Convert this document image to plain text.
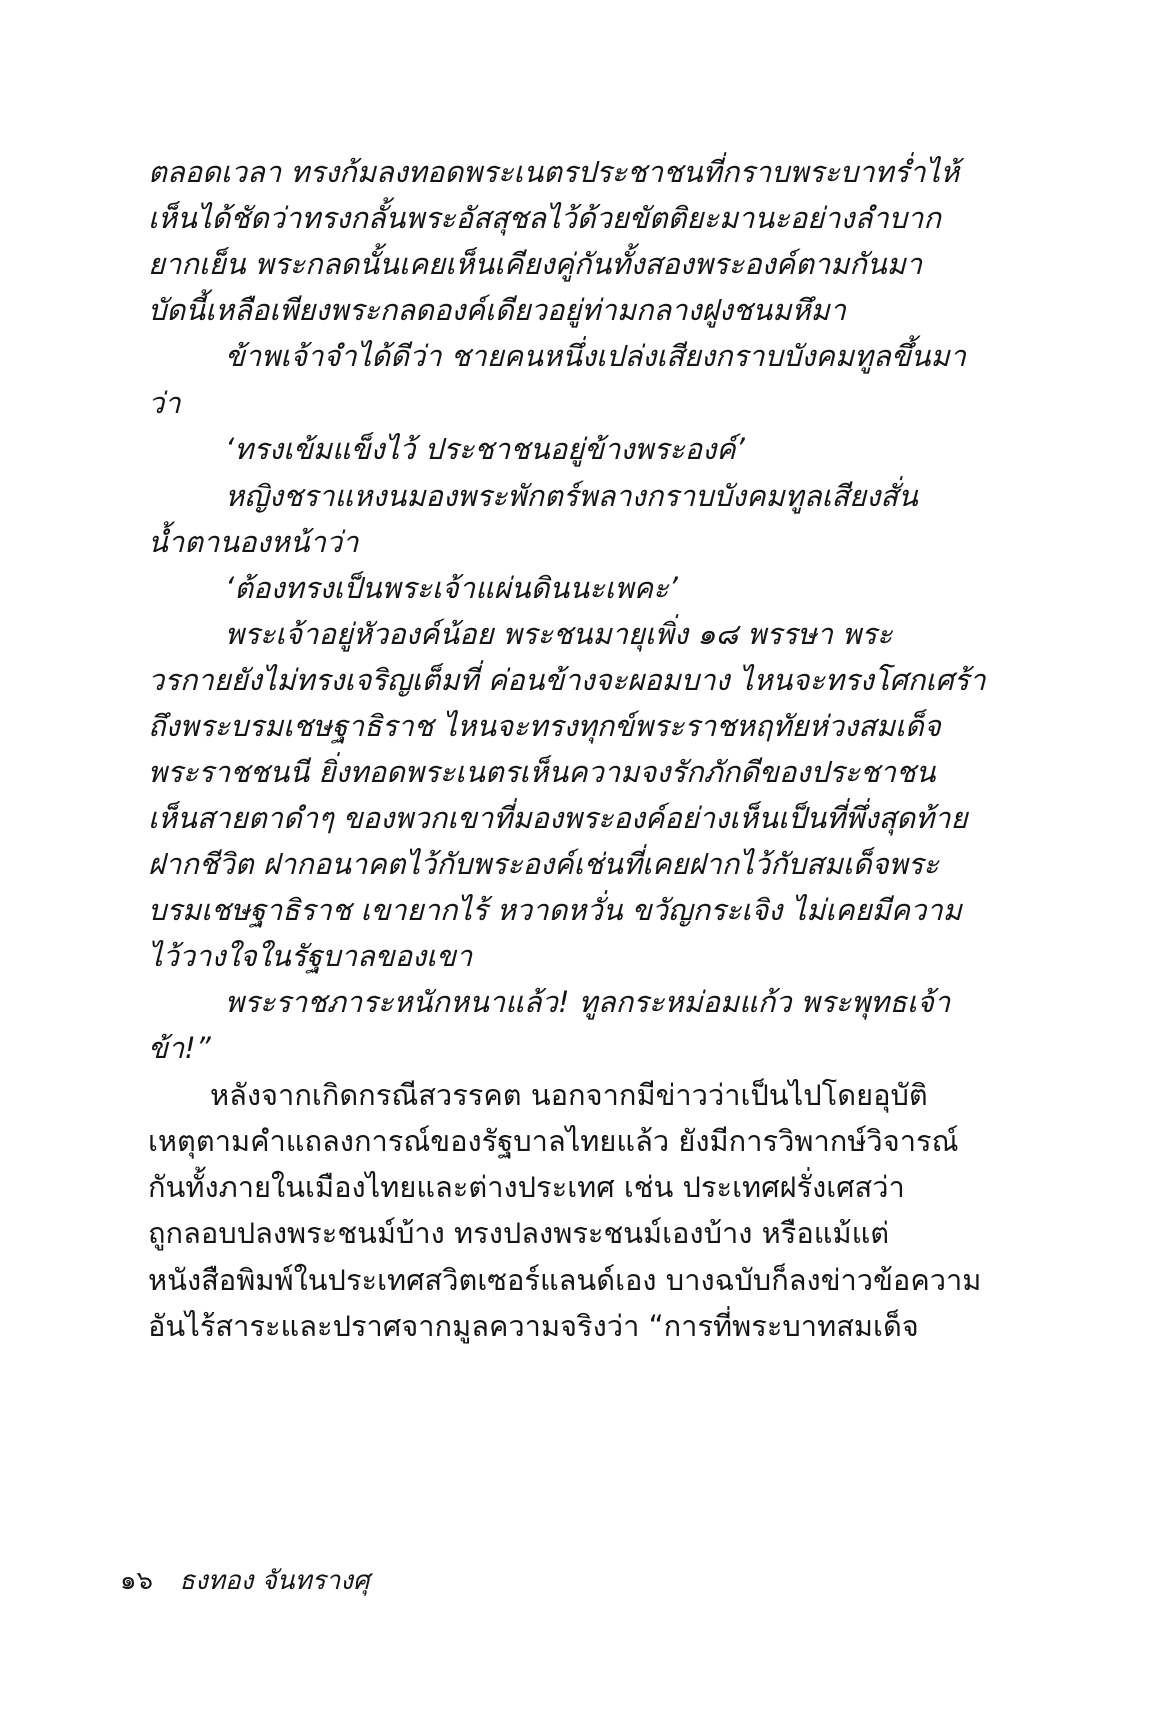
ตลอดเวลา ทรงก้มลงทอดพระเนตรประชาชนที่กราบพระบาทร่ำไห้
เห็นได้ชัดว่าทรงกลั้นพระอัสสุชลไว้ด้วยขัตติยะมานะอย่างลำบาก
ยากเย็น พระกลดนั้นเคยเห็นเคียงคู่กันทั้งสองพระองค์ตามกันมา
บัดนี้เหลือเพียงพระกลดองค์เดียวอยู่ท่ามกลางฝูงชนมหึมา
ข้าพเจ้าจำได้ดีว่า ชายคนหนึ่งเปล่งเสียงกราบบังคมทูลขึ้นมา
ว่า
‘ทรงเข้มแข็งไว้ ประชาชนอยู่ข้างพระองค์’
หญิงชราแหงนมองพระพักตร์พลางกราบบังคมทูลเสียงสั่น
น้ำตานองหน้าว่า
‘ต้องทรงเป็นพระเจ้าแผ่นดินนะเพคะ’
พระเจ้าอยู่หัวองค์น้อย พระชนมายุเพิ่ง ๑๘ พรรษา พระ
วรกายยังไม่ทรงเจริญเต็มที่ ค่อนข้างจะผอมบาง ไหนจะทรงโศกเศร้า
ถึงพระบรมเชษฐาธิราช ไหนจะทรงทุกข์พระราชหฤทัยห่วงสมเด็จ
พระราชชนนี ยิ่งทอดพระเนตรเห็นความจงรักภักดีของประชาชน
เห็นสายตาดำๆ ของพวกเขาที่มองพระองค์อย่างเห็นเป็นที่พึ่งสุดท้าย
ฝากชีวิต ฝากอนาคตไว้กับพระองค์เช่นที่เคยฝากไว้กับสมเด็จพระ
บรมเชษฐาธิราช เขายากไร้ หวาดหวั่น ขวัญกระเจิง ไม่เคยมีความ
ไว้วางใจในรัฐบาลของเขา
พระราชภาระหนักหนาแล้ว! ทูลกระหม่อมแก้ว พระพุทธเจ้า
ข้า!”
หลังจากเกิดกรณีสวรรคต นอกจากมีข่าวว่าเป็นไปโดยอุบัติ
เหตุตามคำแถลงการณ์ของรัฐบาลไทยแล้ว ยังมีการวิพากษ์วิจารณ์
กันทั้งภายในเมืองไทยและต่างประเทศ เช่น ประเทศฝรั่งเศสว่า
ถูกลอบปลงพระชนม์บ้าง ทรงปลงพระชนม์เองบ้าง หรือแม้แต่
หนังสือพิมพ์ในประเทศสวิตเซอร์แลนด์เอง บางฉบับก็ลงข่าวข้อความ
อันไร้สาระและปราศจากมูลความจริงว่า “การที่พระบาทสมเด็จ
๑๖ ธงทอง จันทรางศุ
